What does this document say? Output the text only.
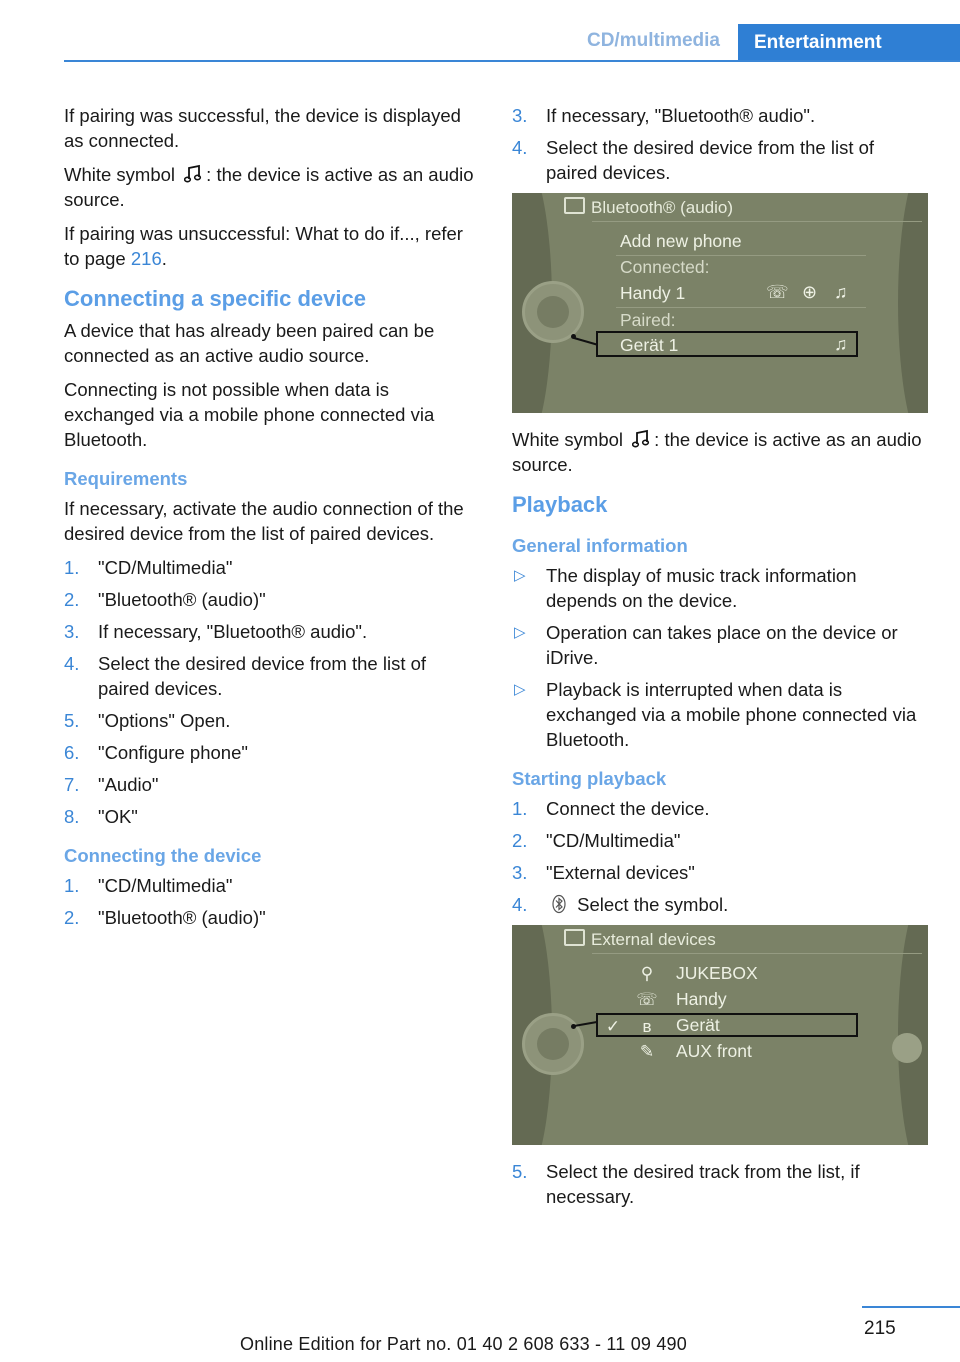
CD/multimedia	Entertainment

If pairing was successful, the device is displayed as connected.

White symbol : the device is active as an audio source.

If pairing was unsuccessful: What to do if..., refer to page 216.

Connecting a specific device

A device that has already been paired can be connected as an active audio source.

Connecting is not possible when data is exchanged via a mobile phone connected via Bluetooth.

Requirements

If necessary, activate the audio connection of the desired device from the list of paired devices.

1. "CD/Multimedia"
2. "Bluetooth® (audio)"
3. If necessary, "Bluetooth® audio".
4. Select the desired device from the list of paired devices.
5. "Options" Open.
6. "Configure phone"
7. "Audio"
8. "OK"
Connecting the device
1. "CD/Multimedia"
2. "Bluetooth® (audio)"
3. If necessary, "Bluetooth® audio".
4. Select the desired device from the list of paired devices.
Bluetooth® (audio)
Add new phone
Connected:
Handy 1	☏ ⊕ ♫
Paired:
Gerät 1	♫

White symbol : the device is active as an audio source.

Playback
General information
▷ The display of music track information depends on the device.
▷ Operation can takes place on the device or iDrive.
▷ Playback is interrupted when data is exchanged via a mobile phone connected via Bluetooth.
Starting playback
1. Connect the device.
2. "CD/Multimedia"
3. "External devices"
4.	Select the symbol.
External devices
⚲ JUKEBOX
☏ Handy
✓	ʙ	Gerät
✎ AUX front
5. Select the desired track from the list, if necessary.
215
Online Edition for Part no. 01 40 2 608 633 - 11 09 490
